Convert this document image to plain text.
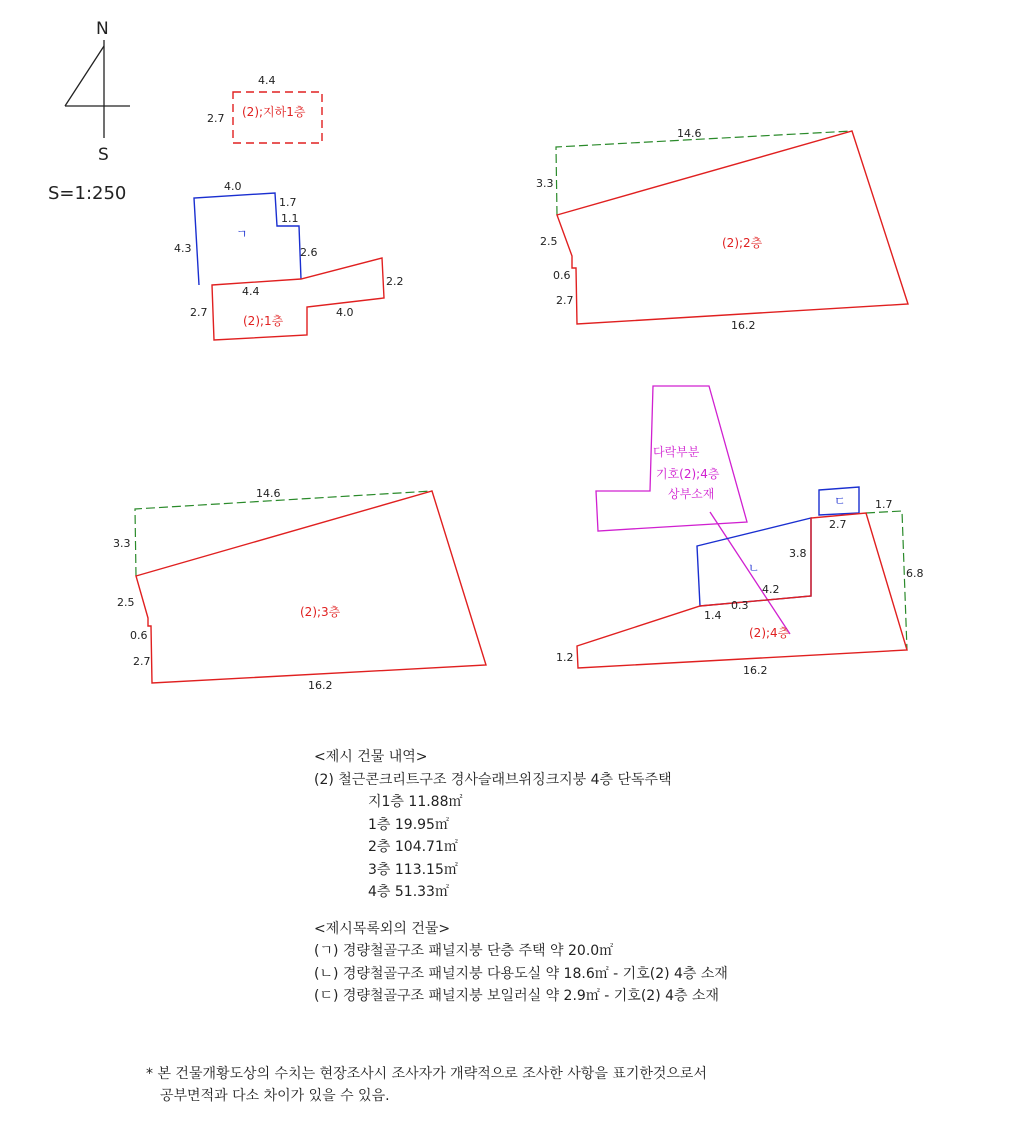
N
S
4.4
2.7 (2);지하1층
ㄱ
4.0
1.7
1.1
4.3	2.6
2.2
4.4
2.7	4.0
(2);1층
14.6
3.3
2.5
0.6
2.7
16.2
(2);2층
14.6
3.3
2.5
0.6
2.7
16.2
(2);3층
다락부분
기호(2);4층
상부소재	ㄷ
ㄴ
1.7
2.7
3.8
6.8
4.2
1.4
0.3
1.2
16.2
(2);4층
S=1:250
<제시 건물 내역>
(2) 철근콘크리트구조 경사슬래브위징크지붕 4층 단독주택
지1층 11.88㎡
1층 19.95㎡
2층 104.71㎡
3층 113.15㎡
4층 51.33㎡
<제시목록외의 건물>
(ㄱ) 경량철골구조 패널지붕 단층 주택 약 20.0㎡
(ㄴ) 경량철골구조 패널지붕 다용도실 약 18.6㎡ - 기호(2) 4층 소재
(ㄷ) 경량철골구조 패널지붕 보일러실 약 2.9㎡ - 기호(2) 4층 소재
* 본 건물개황도상의 수치는 현장조사시 조사자가 개략적으로 조사한 사항을 표기한것으로서
공부면적과 다소 차이가 있을 수 있음.
